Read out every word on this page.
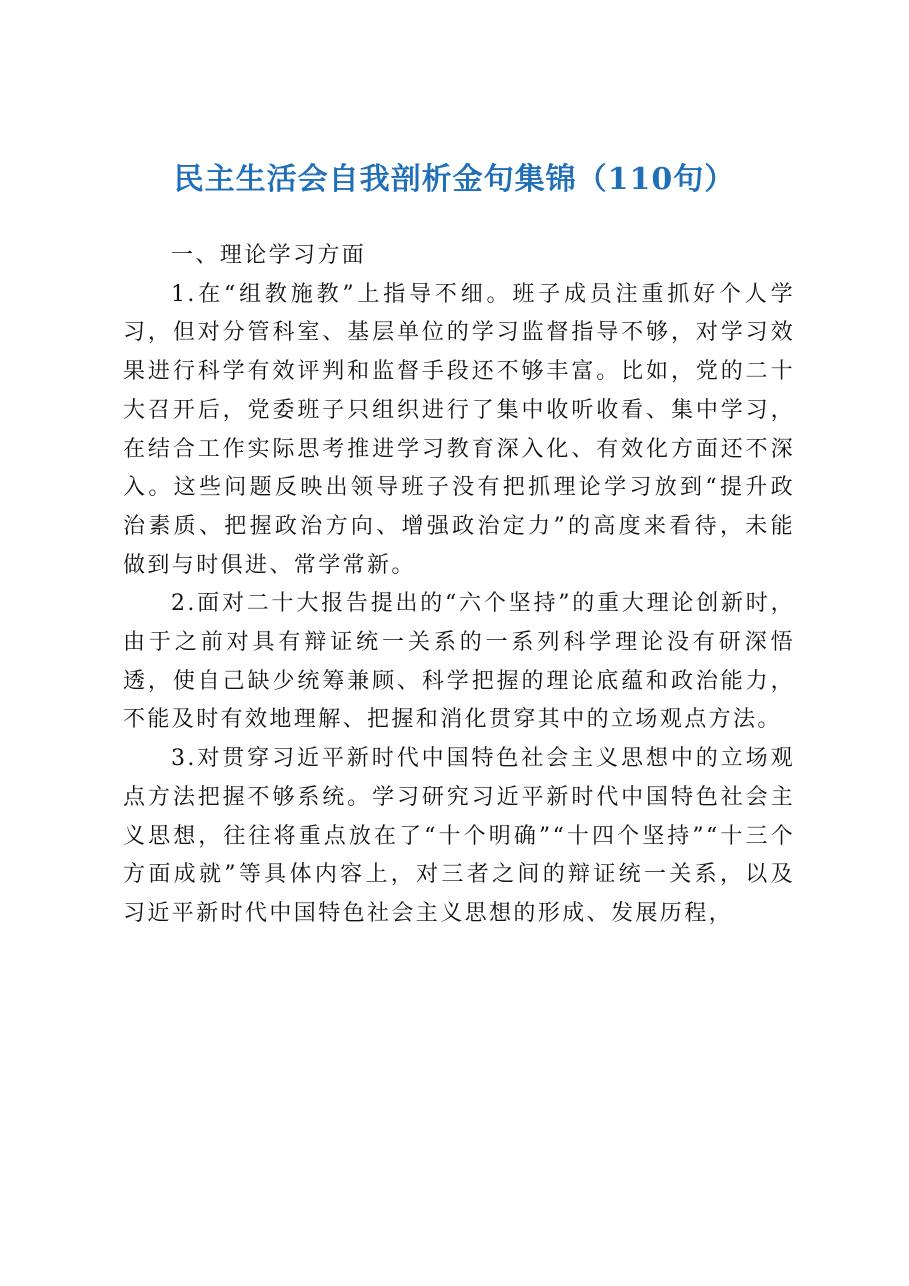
民主生活会自我剖析金句集锦（110句）

一、理论学习方面

1.在“组教施教”上指导不细。班子成员注重抓好个人学习，但对分管科室、基层单位的学习监督指导不够，对学习效果进行科学有效评判和监督手段还不够丰富。比如，党的二十大召开后，党委班子只组织进行了集中收听收看、集中学习，在结合工作实际思考推进学习教育深入化、有效化方面还不深入。这些问题反映出领导班子没有把抓理论学习放到“提升政治素质、把握政治方向、增强政治定力”的高度来看待，未能做到与时俱进、常学常新。

2.面对二十大报告提出的“六个坚持”的重大理论创新时，由于之前对具有辩证统一关系的一系列科学理论没有研深悟透，使自己缺少统筹兼顾、科学把握的理论底蕴和政治能力，不能及时有效地理解、把握和消化贯穿其中的立场观点方法。

3.对贯穿习近平新时代中国特色社会主义思想中的立场观点方法把握不够系统。学习研究习近平新时代中国特色社会主义思想，往往将重点放在了“十个明确”“十四个坚持”“十三个方面成就”等具体内容上，对三者之间的辩证统一关系，以及习近平新时代中国特色社会主义思想的形成、发展历程，
